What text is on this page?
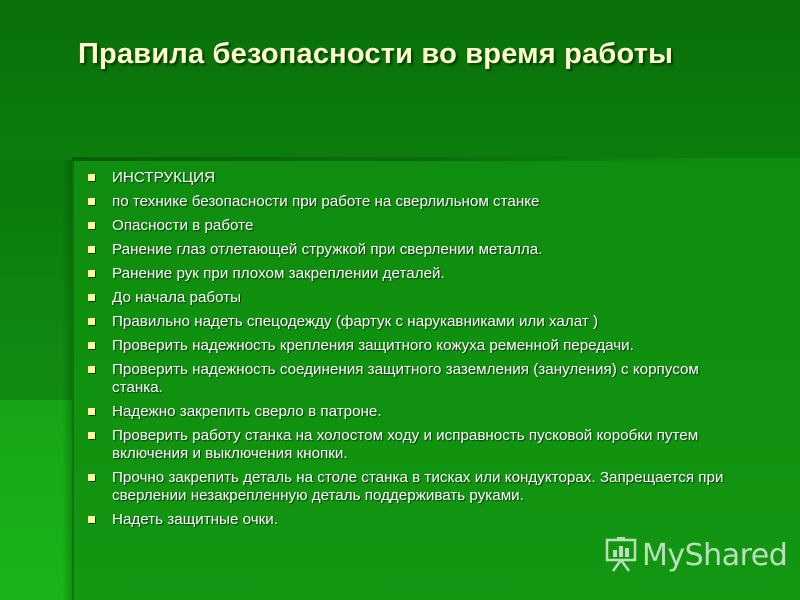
Правила безопасности во время работы
ИНСТРУКЦИЯ
по технике безопасности при работе на сверлильном станке
Опасности в работе
Ранение глаз отлетающей стружкой при сверлении металла.
Ранение рук при плохом закреплении деталей.
До начала работы
Правильно надеть спецодежду (фартук с нарукавниками или халат )
Проверить надежность крепления защитного кожуха ременной передачи.
Проверить надежность соединения защитного заземления (зануления) с корпусом станка.
Надежно закрепить сверло в патроне.
Проверить работу станка на холостом ходу и исправность пусковой коробки путем включения и выключения кнопки.
Прочно закрепить деталь на столе станка в тисках или кондукторах. Запрещается при сверлении незакрепленную деталь поддерживать руками.
Надеть защитные очки.
MyShared
